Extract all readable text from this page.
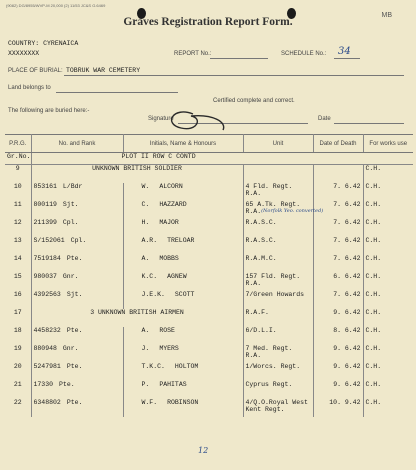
(9082) DG/8955/WVP-M 20,000 (2) 11/53 JC&S G.6469
MB
Graves Registration Report Form.
COUNTRY: CYRENAICA
XXXXXXXX	REPORT No.:	SCHEDULE No.: 34
PLACE OF BURIAL: TOBRUK WAR CEMETERY
Land belongs to
Certified complete and correct.
The following are buried here:-
Signature	Date
P.R.G.	No. and Rank	Initials, Name & Honours	Unit	Date of Death	For works use
Gr.No.	PLOT II ROW C CONTD				
9	UNKNOWN BRITISH SOLDIER				C.H.
10	853161 L/Bdr	W. ALCORN	4 Fld. Regt.
R.A.	7. 6.42	C.H.
11	800119 Sjt.	C. HAZZARD	65 A.Tk. Regt.
R.A. (Norfolk Yeo. converted)	7. 6.42	C.H.
12	211399 Cpl.	H. MAJOR	R.A.S.C.	7. 6.42	C.H.
13	S/152061 Cpl.	A.R. TRELOAR	R.A.S.C.	7. 6.42	C.H.
14	7519184 Pte.	A. MOBBS	R.A.M.C.	7. 6.42	C.H.
15	980037 Gnr.	K.C. AGNEW	157 Fld. Regt.
R.A.	6. 6.42	C.H.
16	4392563 Sjt.	J.E.K. SCOTT	7/Green Howards	7. 6.42	C.H.
17	3 UNKNOWN BRITISH AIRMEN		R.A.F.	9. 6.42	C.H.
18	4458232 Pte.	A. ROSE	6/D.L.I.	8. 6.42	C.H.
19	880948 Gnr.	J. MYERS	7 Med. Regt.
R.A.	9. 6.42	C.H.
20	5247981 Pte.	T.K.C. HOLTOM	1/Worcs. Regt.	9. 6.42	C.H.
21	17330 Pte.	P. PAHITAS	Cyprus Regt.	9. 6.42	C.H.
22	6348802 Pte.	W.F. ROBINSON	4/Q.O.Royal West
Kent Regt.	10. 9.42	C.H.
12
